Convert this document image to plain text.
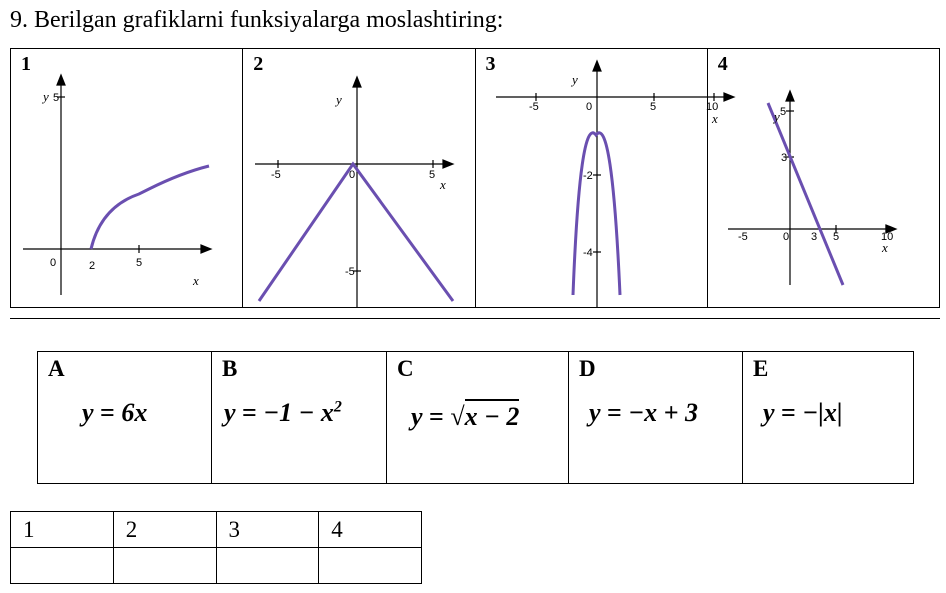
9. Berilgan grafiklarni funksiyalarga moslashtiring:
1
y 5
0	2	5
x

2
y
-5	0	5
x
-5

3
y
-5	0	5	10
x
-2
-4

4
y 5
3
-5	0 3 5	10
x
A
y = 6x

B
$y = -1 - x^2$

C
y = √x − 2

D
y = −x + 3

E
y = −|x|
1	2	3	4
